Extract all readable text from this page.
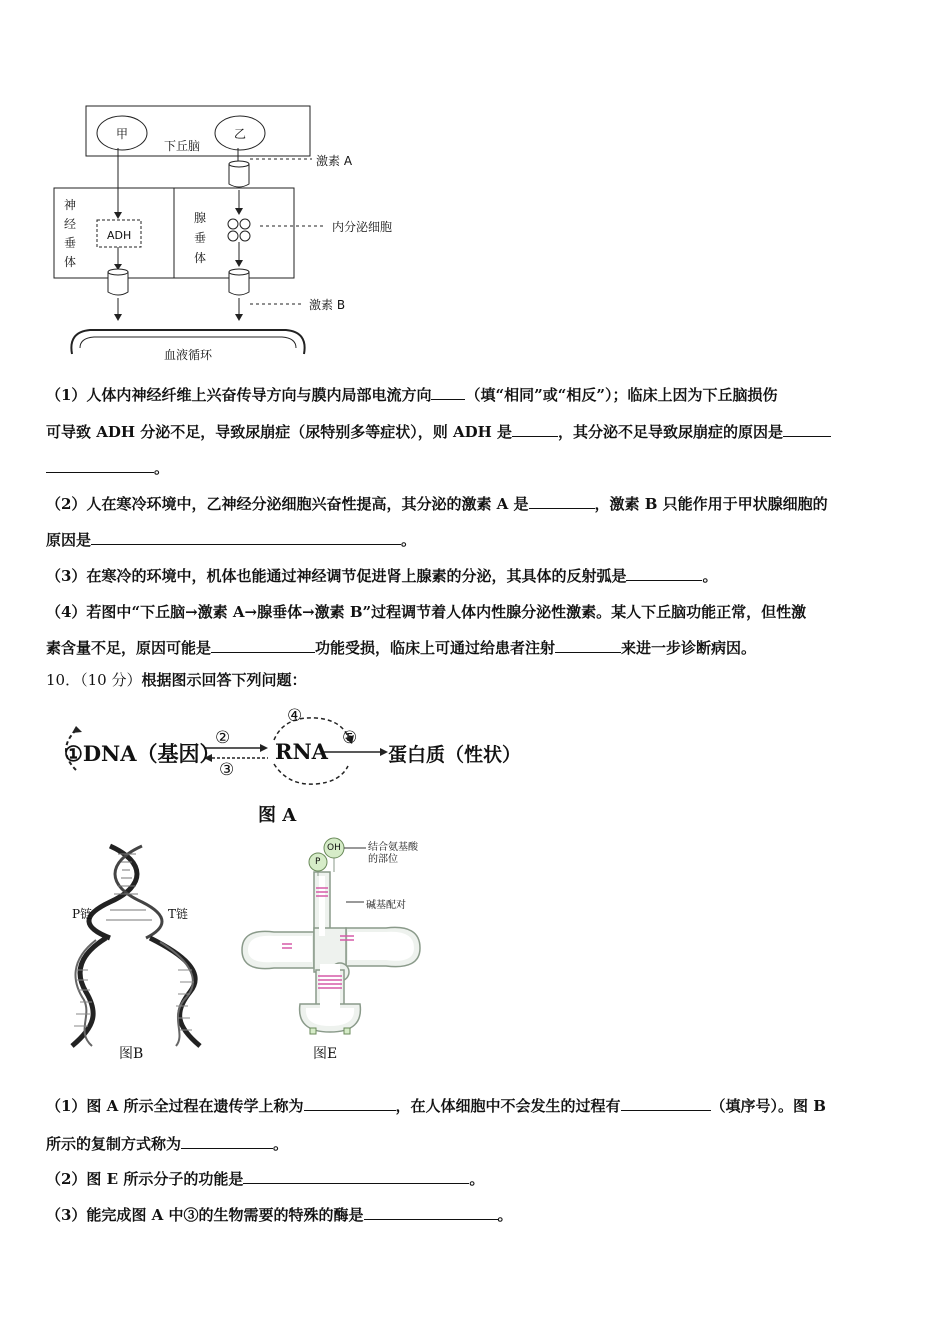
甲	乙
下丘脑
激素 A
神
经
垂
体
ADH
腺
垂
体
内分泌细胞
激素 B
血液循环
（1）人体内神经纤维上兴奋传导方向与膜内局部电流方向 （填“相同”或“相反”）；临床上因为下丘脑损伤
可导致 ADH 分泌不足，导致尿崩症（尿特别多等症状），则 ADH 是	，其分泌不足导致尿崩症的原因是
。
（2）人在寒冷环境中，乙神经分泌细胞兴奋性提高，其分泌的激素 A 是	，激素 B 只能作用于甲状腺细胞的
原因是	。
（3）在寒冷的环境中，机体也能通过神经调节促进肾上腺素的分泌，其具体的反射弧是	。
（4）若图中“下丘脑→激素 A→腺垂体→激素 B”过程调节着人体内性腺分泌性激素。某人下丘脑功能正常，但性激
素含量不足，原因可能是	功能受损，临床上可通过给患者注射	来进一步诊断病因。
10．（10 分）根据图示回答下列问题：
①DNA（基因）
②
③
④
RNA
⑤
蛋白质（性状）
图 A
P链	T链
图B
OH
P
结合氨基酸
的部位
碱基配对
图E
（1）图 A 所示全过程在遗传学上称为	，在人体细胞中不会发生的过程有	（填序号）。图 B
所示的复制方式称为	。
（2）图 E 所示分子的功能是	。
（3）能完成图 A 中③的生物需要的特殊的酶是	。
